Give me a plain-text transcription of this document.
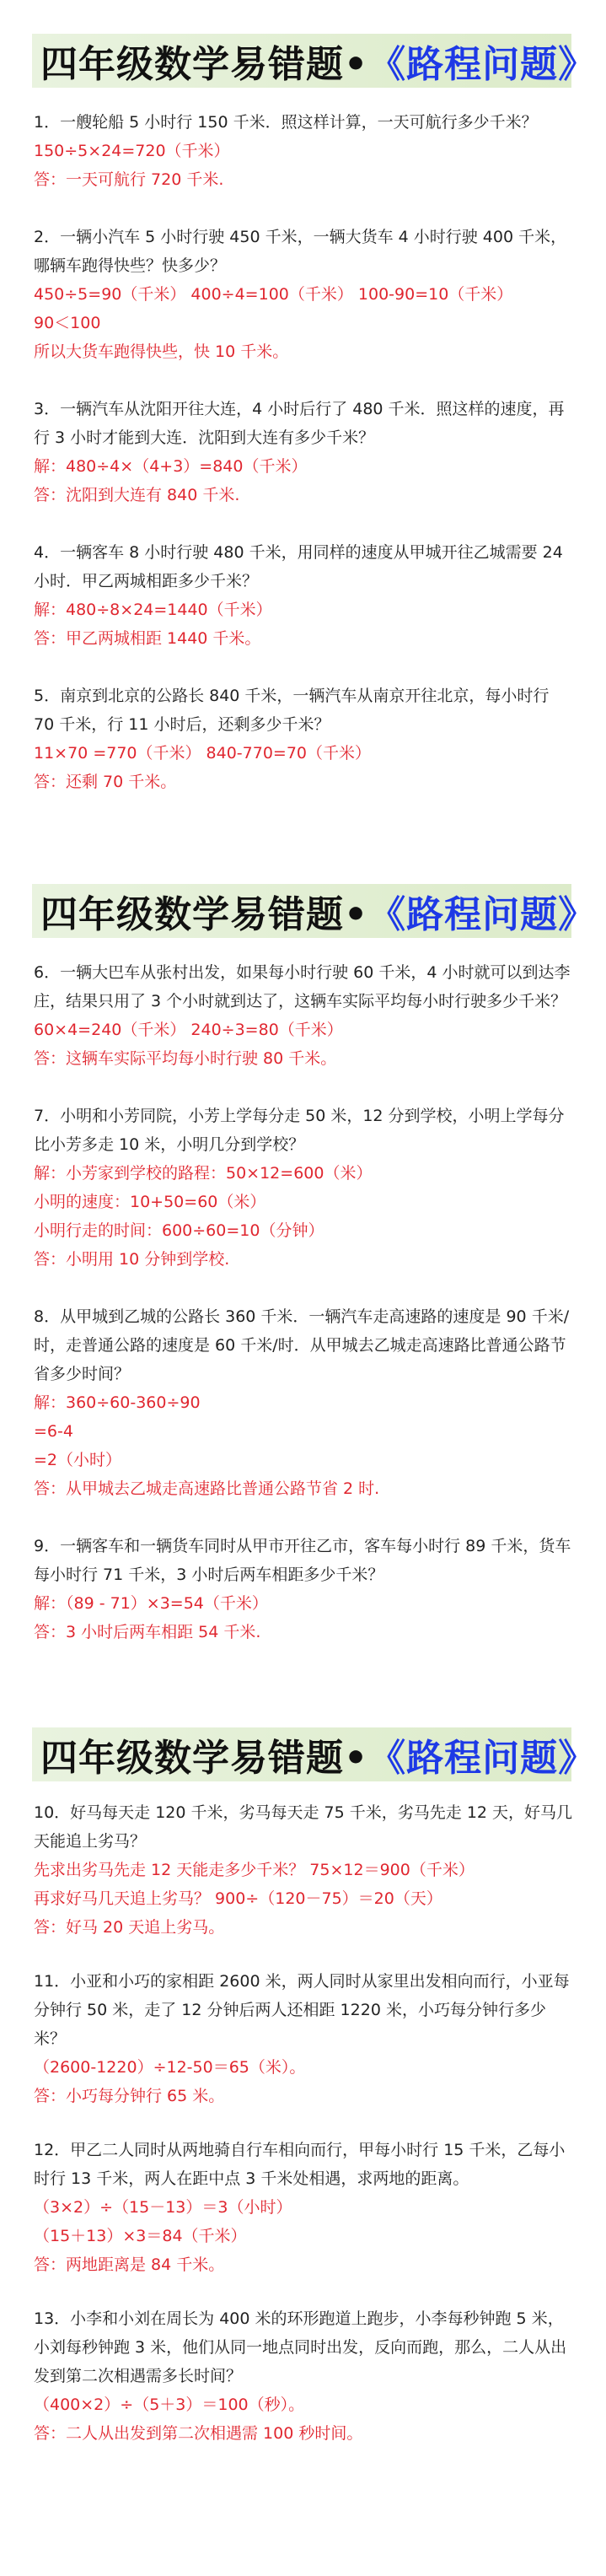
四年级数学易错题• 《路程问题》

1．一艘轮船 5 小时行 150 千米．照这样计算，一天可航行多少千米？

150÷5×24=720（千米）

答：一天可航行 720 千米.

2．一辆小汽车 5 小时行驶 450 千米，一辆大货车 4 小时行驶 400 千米，哪辆车跑得快些？快多少？

450÷5=90（千米） 400÷4=100（千米） 100-90=10（千米）

90＜100

所以大货车跑得快些，快 10 千米。

3．一辆汽车从沈阳开往大连，4 小时后行了 480 千米．照这样的速度，再行 3 小时才能到大连．沈阳到大连有多少千米？

解：480÷4×（4+3）=840（千米）

答：沈阳到大连有 840 千米.

4．一辆客车 8 小时行驶 480 千米，用同样的速度从甲城开往乙城需要 24 小时．甲乙两城相距多少千米？

解：480÷8×24=1440（千米）

答：甲乙两城相距 1440 千米。

5．南京到北京的公路长 840 千米，一辆汽车从南京开往北京，每小时行 70 千米，行 11 小时后，还剩多少千米？

11×70 =770（千米） 840-770=70（千米）

答：还剩 70 千米。

四年级数学易错题• 《路程问题》

6．一辆大巴车从张村出发，如果每小时行驶 60 千米，4 小时就可以到达李庄，结果只用了 3 个小时就到达了，这辆车实际平均每小时行驶多少千米？

60×4=240（千米） 240÷3=80（千米）

答：这辆车实际平均每小时行驶 80 千米。

7．小明和小芳同院，小芳上学每分走 50 米，12 分到学校，小明上学每分比小芳多走 10 米，小明几分到学校？

解：小芳家到学校的路程：50×12=600（米）

小明的速度：10+50=60（米）

小明行走的时间：600÷60=10（分钟）

答：小明用 10 分钟到学校.

8．从甲城到乙城的公路长 360 千米．一辆汽车走高速路的速度是 90 千米/时，走普通公路的速度是 60 千米/时．从甲城去乙城走高速路比普通公路节省多少时间？

解：360÷60-360÷90

=6-4

=2（小时）

答：从甲城去乙城走高速路比普通公路节省 2 时.

9．一辆客车和一辆货车同时从甲市开往乙市，客车每小时行 89 千米，货车每小时行 71 千米，3 小时后两车相距多少千米？

解：（89 - 71）×3=54（千米）

答：3 小时后两车相距 54 千米.

四年级数学易错题• 《路程问题》

10．好马每天走 120 千米，劣马每天走 75 千米，劣马先走 12 天，好马几天能追上劣马？

先求出劣马先走 12 天能走多少千米？ 75×12＝900（千米）

再求好马几天追上劣马？ 900÷（120－75）＝20（天）

答：好马 20 天追上劣马。

11．小亚和小巧的家相距 2600 米，两人同时从家里出发相向而行，小亚每分钟行 50 米，走了 12 分钟后两人还相距 1220 米，小巧每分钟行多少米？

（2600-1220）÷12-50＝65（米）。

答：小巧每分钟行 65 米。

12．甲乙二人同时从两地骑自行车相向而行，甲每小时行 15 千米，乙每小时行 13 千米，两人在距中点 3 千米处相遇，求两地的距离。

（3×2）÷（15－13）＝3（小时）

（15＋13）×3＝84（千米）

答：两地距离是 84 千米。

13．小李和小刘在周长为 400 米的环形跑道上跑步，小李每秒钟跑 5 米，小刘每秒钟跑 3 米，他们从同一地点同时出发，反向而跑，那么，二人从出发到第二次相遇需多长时间？

（400×2）÷（5＋3）＝100（秒）。

答：二人从出发到第二次相遇需 100 秒时间。
